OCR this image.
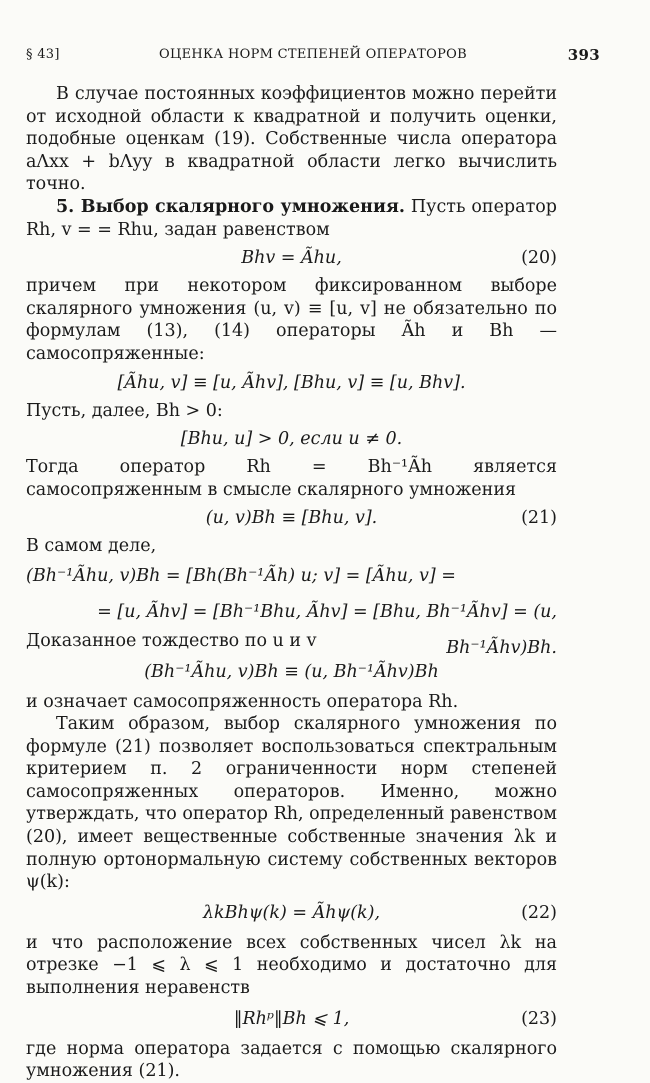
§ 43]	ОЦЕНКА НОРМ СТЕПЕНЕЙ ОПЕРАТОРОВ	393

В случае постоянных коэффициентов можно перейти от исходной области к квадратной и получить оценки, подобные оценкам (19). Собственные числа оператора aΛxx + bΛyy в квадратной области легко вычислить точно.

5. Выбор скалярного умножения. Пусть оператор Rh, v = = Rhu, задан равенством

Bhv = Ãhu,	(20)

причем при некотором фиксированном выборе скалярного умножения (u, v) ≡ [u, v] не обязательно по формулам (13), (14) операторы Ãh и Bh — самосопряженные:

[Ãhu, v] ≡ [u, Ãhv], [Bhu, v] ≡ [u, Bhv].

Пусть, далее, Bh > 0:

[Bhu, u] > 0, если u ≠ 0.

Тогда оператор Rh = Bh⁻¹Ãh является самосопряженным в смысле скалярного умножения

(u, v)Bh ≡ [Bhu, v].	(21)

В самом деле,

(Bh⁻¹Ãhu, v)Bh = [Bh(Bh⁻¹Ãh) u; v] = [Ãhu, v] =
= [u, Ãhv] = [Bh⁻¹Bhu, Ãhv] = [Bhu, Bh⁻¹Ãhv] = (u, Bh⁻¹Ãhv)Bh.

Доказанное тождество по u и v

(Bh⁻¹Ãhu, v)Bh ≡ (u, Bh⁻¹Ãhv)Bh

и означает самосопряженность оператора Rh.

Таким образом, выбор скалярного умножения по формуле (21) позволяет воспользоваться спектральным критерием п. 2 ограниченности норм степеней самосопряженных операторов. Именно, можно утверждать, что оператор Rh, определенный равенством (20), имеет вещественные собственные значения λk и полную ортонормальную систему собственных векторов ψ(k):

λkBhψ(k) = Ãhψ(k),	(22)

и что расположение всех собственных чисел λk на отрезке −1 ⩽ λ ⩽ 1 необходимо и достаточно для выполнения неравенств

‖Rhᵖ‖Bh ⩽ 1,	(23)

где норма оператора задается с помощью скалярного умножения (21).
